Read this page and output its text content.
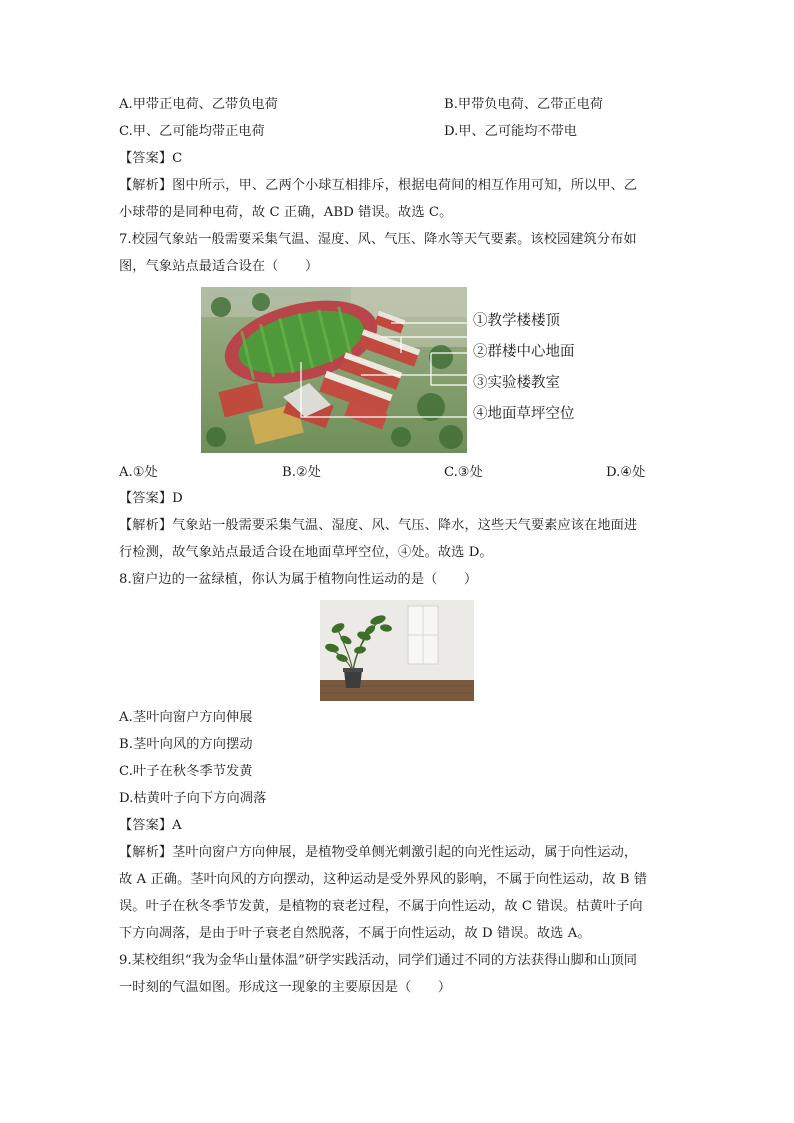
A.甲带正电荷、乙带负电荷	B.甲带负电荷、乙带正电荷
C.甲、乙可能均带正电荷	D.甲、乙可能均不带电
【答案】C
【解析】图中所示，甲、乙两个小球互相排斥，根据电荷间的相互作用可知，所以甲、乙
小球带的是同种电荷，故 C 正确，ABD 错误。故选 C。
7.校园气象站一般需要采集气温、湿度、风、气压、降水等天气要素。该校园建筑分布如
图，气象站点最适合设在（　　）
①教学楼楼顶
②群楼中心地面
③实验楼教室
④地面草坪空位
A.①处	B.②处	C.③处	D.④处
【答案】D
【解析】气象站一般需要采集气温、湿度、风、气压、降水，这些天气要素应该在地面进
行检测，故气象站点最适合设在地面草坪空位，④处。故选 D。
8.窗户边的一盆绿植，你认为属于植物向性运动的是（　　）
A.茎叶向窗户方向伸展
B.茎叶向风的方向摆动
C.叶子在秋冬季节发黄
D.枯黄叶子向下方向凋落
【答案】A
【解析】茎叶向窗户方向伸展，是植物受单侧光刺激引起的向光性运动，属于向性运动，
故 A 正确。茎叶向风的方向摆动，这种运动是受外界风的影响，不属于向性运动，故 B 错
误。叶子在秋冬季节发黄，是植物的衰老过程，不属于向性运动，故 C 错误。枯黄叶子向
下方向凋落，是由于叶子衰老自然脱落，不属于向性运动，故 D 错误。故选 A。
9.某校组织“我为金华山量体温”研学实践活动，同学们通过不同的方法获得山脚和山顶同
一时刻的气温如图。形成这一现象的主要原因是（　　）
